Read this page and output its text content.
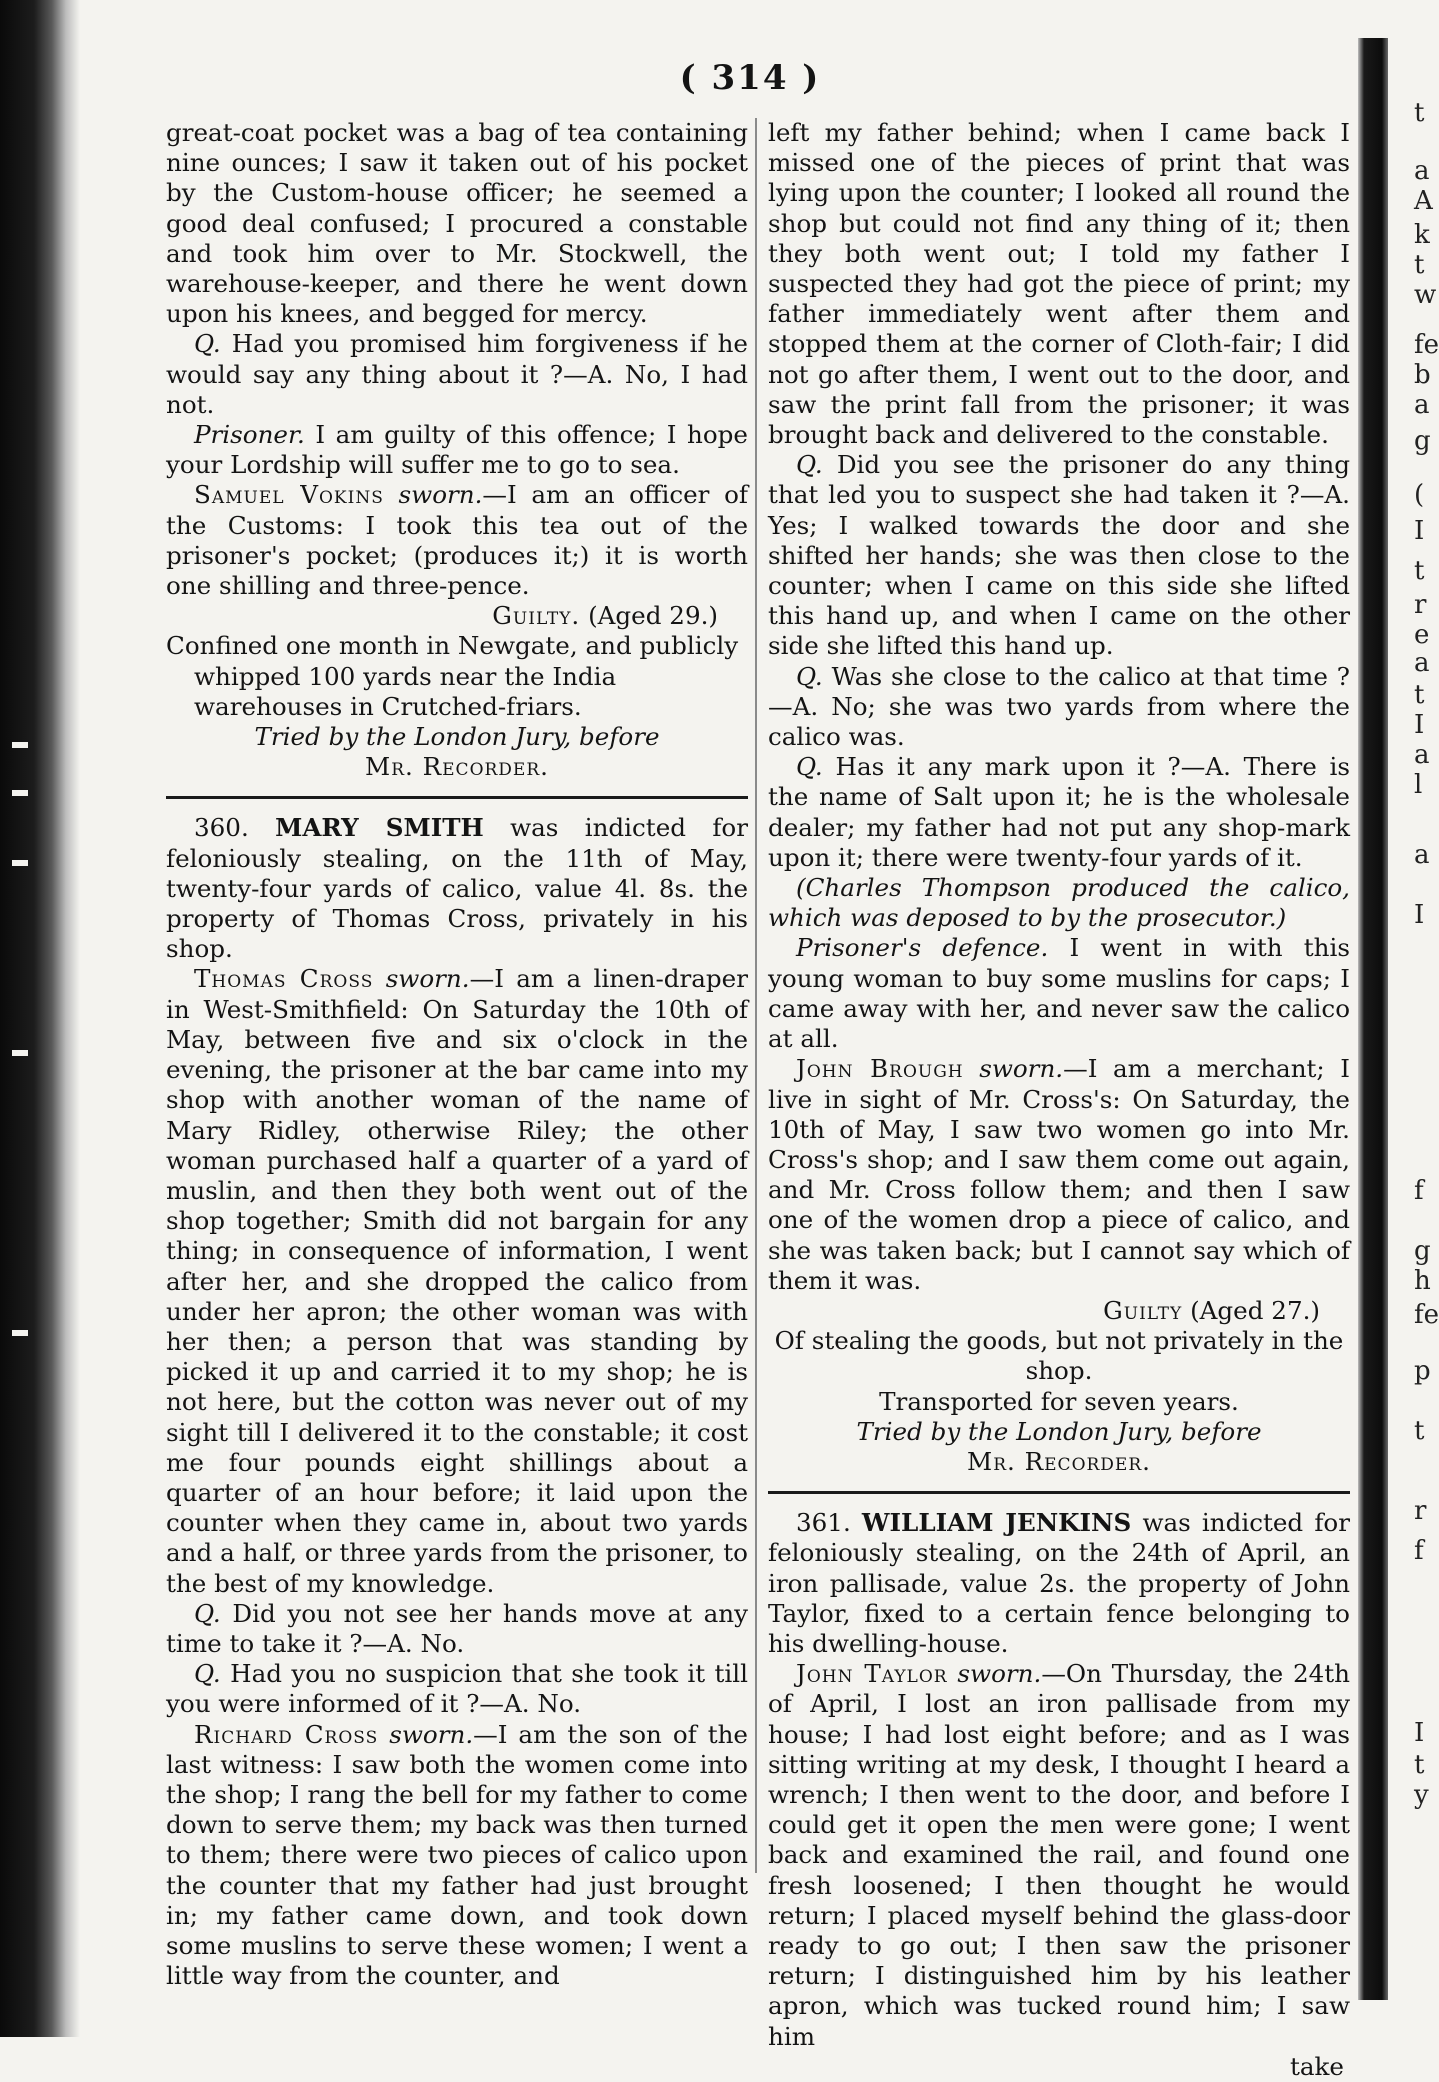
t
a
A
k
t
w
fe
b
a
g
(
I
t
r
e
a
t
I
a
l
a
I
f
g
h
fe
p
t
r
f
I
t
y
( 314 )

great-coat pocket was a bag of tea containing nine ounces; I saw it taken out of his pocket by the Custom-house officer; he seemed a good deal confused; I procured a constable and took him over to Mr. Stockwell, the warehouse-keeper, and there he went down upon his knees, and begged for mercy.

Q. Had you promised him forgiveness if he would say any thing about it ?—A. No, I had not.

Prisoner. I am guilty of this offence; I hope your Lordship will suffer me to go to sea.

Samuel Vokins sworn.—I am an officer of the Customs: I took this tea out of the prisoner's pocket; (produces it;) it is worth one shilling and three-pence.

Guilty. (Aged 29.)

Confined one month in Newgate, and publicly whipped 100 yards near the India warehouses in Crutched-friars.

Tried by the London Jury, before

Mr. Recorder.

360. MARY SMITH was indicted for feloniously stealing, on the 11th of May, twenty-four yards of calico, value 4l. 8s. the property of Thomas Cross, privately in his shop.

Thomas Cross sworn.—I am a linen-draper in West-Smithfield: On Saturday the 10th of May, between five and six o'clock in the evening, the prisoner at the bar came into my shop with another woman of the name of Mary Ridley, otherwise Riley; the other woman purchased half a quarter of a yard of muslin, and then they both went out of the shop together; Smith did not bargain for any thing; in consequence of information, I went after her, and she dropped the calico from under her apron; the other woman was with her then; a person that was standing by picked it up and carried it to my shop; he is not here, but the cotton was never out of my sight till I delivered it to the constable; it cost me four pounds eight shillings about a quarter of an hour before; it laid upon the counter when they came in, about two yards and a half, or three yards from the prisoner, to the best of my knowledge.

Q. Did you not see her hands move at any time to take it ?—A. No.

Q. Had you no suspicion that she took it till you were informed of it ?—A. No.

Richard Cross sworn.—I am the son of the last witness: I saw both the women come into the shop; I rang the bell for my father to come down to serve them; my back was then turned to them; there were two pieces of calico upon the counter that my father had just brought in; my father came down, and took down some muslins to serve these women; I went a little way from the counter, and

left my father behind; when I came back I missed one of the pieces of print that was lying upon the counter; I looked all round the shop but could not find any thing of it; then they both went out; I told my father I suspected they had got the piece of print; my father immediately went after them and stopped them at the corner of Cloth-fair; I did not go after them, I went out to the door, and saw the print fall from the prisoner; it was brought back and delivered to the constable.

Q. Did you see the prisoner do any thing that led you to suspect she had taken it ?—A. Yes; I walked towards the door and she shifted her hands; she was then close to the counter; when I came on this side she lifted this hand up, and when I came on the other side she lifted this hand up.

Q. Was she close to the calico at that time ?—A. No; she was two yards from where the calico was.

Q. Has it any mark upon it ?—A. There is the name of Salt upon it; he is the wholesale dealer; my father had not put any shop-mark upon it; there were twenty-four yards of it.

(Charles Thompson produced the calico, which was deposed to by the prosecutor.)

Prisoner's defence. I went in with this young woman to buy some muslins for caps; I came away with her, and never saw the calico at all.

John Brough sworn.—I am a merchant; I live in sight of Mr. Cross's: On Saturday, the 10th of May, I saw two women go into Mr. Cross's shop; and I saw them come out again, and Mr. Cross follow them; and then I saw one of the women drop a piece of calico, and she was taken back; but I cannot say which of them it was.

Guilty (Aged 27.)

Of stealing the goods, but not privately in the shop.

Transported for seven years.

Tried by the London Jury, before

Mr. Recorder.

361. WILLIAM JENKINS was indicted for feloniously stealing, on the 24th of April, an iron pallisade, value 2s. the property of John Taylor, fixed to a certain fence belonging to his dwelling-house.

John Taylor sworn.—On Thursday, the 24th of April, I lost an iron pallisade from my house; I had lost eight before; and as I was sitting writing at my desk, I thought I heard a wrench; I then went to the door, and before I could get it open the men were gone; I went back and examined the rail, and found one fresh loosened; I then thought he would return; I placed myself behind the glass-door ready to go out; I then saw the prisoner return; I distinguished him by his leather apron, which was tucked round him; I saw him

take
